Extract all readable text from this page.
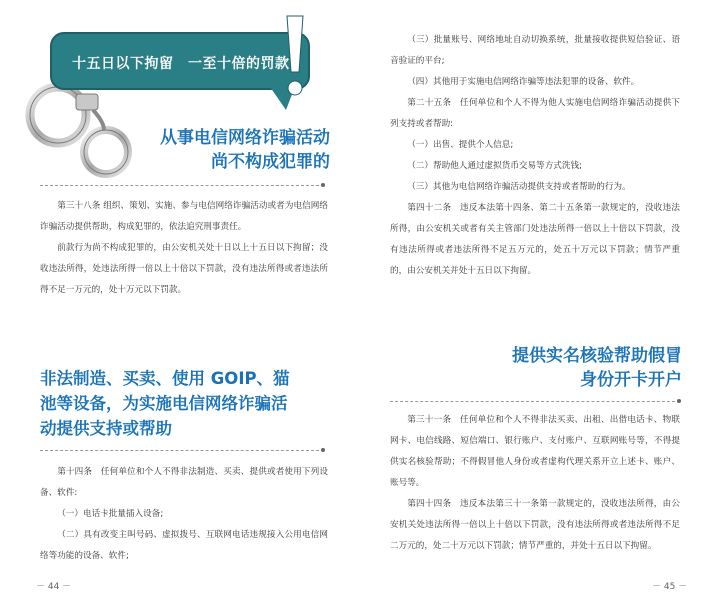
十五日以下拘留　一至十倍的罚款
从事电信网络诈骗活动
尚不构成犯罪的

第三十八条 组织、策划、实施、参与电信网络诈骗活动或者为电信网络诈骗活动提供帮助，构成犯罪的，依法追究刑事责任。

前款行为尚不构成犯罪的，由公安机关处十日以上十五日以下拘留；没收违法所得，处违法所得一倍以上十倍以下罚款，没有违法所得或者违法所得不足一万元的，处十万元以下罚款。

非法制造、买卖、使用 GOIP、猫
池等设备，为实施电信网络诈骗活
动提供支持或帮助

第十四条　任何单位和个人不得非法制造、买卖、提供或者使用下列设备、软件:

（一）电话卡批量插入设备;

（二）具有改变主叫号码、虚拟拨号、互联网电话违规接入公用电信网络等功能的设备、软件;

－ 44 －

（三）批量账号、网络地址自动切换系统，批量接收提供短信验证、语音验证的平台;

（四）其他用于实施电信网络诈骗等违法犯罪的设备、软件。

第二十五条　任何单位和个人不得为他人实施电信网络诈骗活动提供下列支持或者帮助:

（一）出售、提供个人信息;

（二）帮助他人通过虚拟货币交易等方式洗钱;

（三）其他为电信网络诈骗活动提供支持或者帮助的行为。

第四十二条　违反本法第十四条、第二十五条第一款规定的，没收违法所得，由公安机关或者有关主管部门处违法所得一倍以上十倍以下罚款，没有违法所得或者违法所得不足五万元的，处五十万元以下罚款；情节严重的，由公安机关并处十五日以下拘留。

提供实名核验帮助假冒
身份开卡开户

第三十一条　任何单位和个人不得非法买卖、出租、出借电话卡、物联网卡、电信线路、短信端口、银行账户、支付账户、互联网账号等，不得提供实名核验帮助；不得假冒他人身份或者虚构代理关系开立上述卡、账户、账号等。

第四十四条　违反本法第三十一条第一款规定的，没收违法所得，由公安机关处违法所得一倍以上十倍以下罚款，没有违法所得或者违法所得不足二万元的，处二十万元以下罚款；情节严重的，并处十五日以下拘留。

－ 45 －
